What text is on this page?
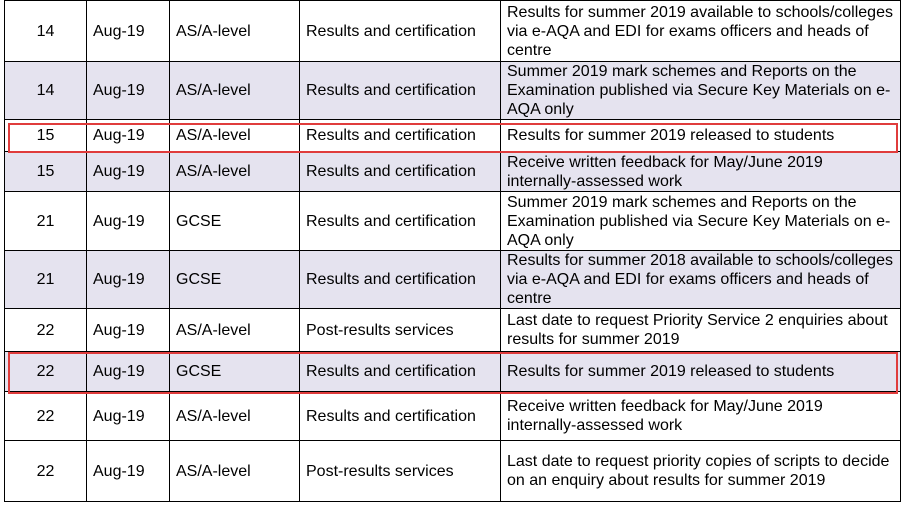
14	Aug-19	AS/A-level	Results and certification	Results for summer 2019 available to schools/colleges via e-AQA and EDI for exams officers and heads of centre
14	Aug-19	AS/A-level	Results and certification	Summer 2019 mark schemes and Reports on the Examination published via Secure Key Materials on e-AQA only
15	Aug-19	AS/A-level	Results and certification	Results for summer 2019 released to students
15	Aug-19	AS/A-level	Results and certification	Receive written feedback for May/June 2019 internally-assessed work
21	Aug-19	GCSE	Results and certification	Summer 2019 mark schemes and Reports on the Examination published via Secure Key Materials on e-AQA only
21	Aug-19	GCSE	Results and certification	Results for summer 2018 available to schools/colleges via e-AQA and EDI for exams officers and heads of centre
22	Aug-19	AS/A-level	Post-results services	Last date to request Priority Service 2 enquiries about results for summer 2019
22	Aug-19	GCSE	Results and certification	Results for summer 2019 released to students
22	Aug-19	AS/A-level	Results and certification	Receive written feedback for May/June 2019 internally-assessed work
22	Aug-19	AS/A-level	Post-results services	Last date to request priority copies of scripts to decide on an enquiry about results for summer 2019
